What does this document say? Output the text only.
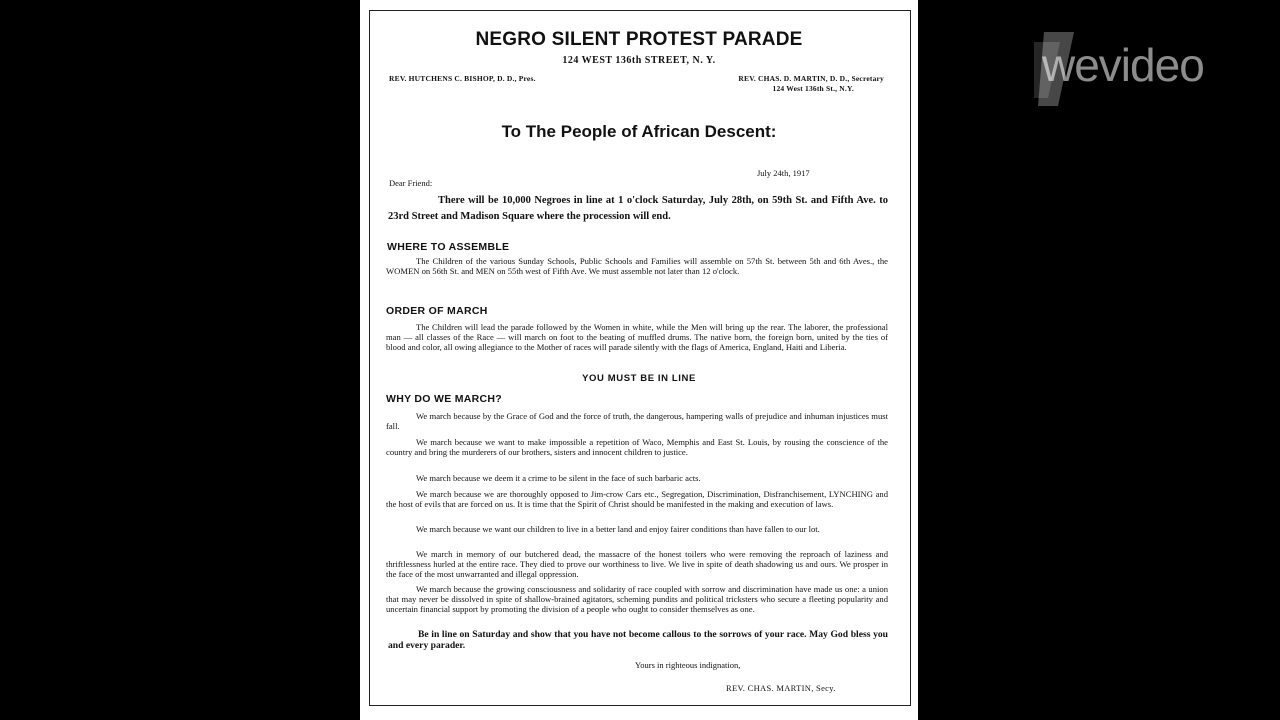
NEGRO SILENT PROTEST PARADE
124 WEST 136th STREET, N. Y.
REV. HUTCHENS C. BISHOP, D. D., Pres.	REV. CHAS. D. MARTIN, D. D., Secretary
124 West 136th St., N.Y.
To The People of African Descent:
July 24th, 1917
Dear Friend:
There will be 10,000 Negroes in line at 1 o'clock Saturday, July 28th, on 59th St. and Fifth Ave. to 23rd Street and Madison Square where the procession will end.
WHERE TO ASSEMBLE
The Children of the various Sunday Schools, Public Schools and Families will assemble on 57th St. between 5th and 6th Aves., the WOMEN on 56th St. and MEN on 55th west of Fifth Ave. We must assemble not later than 12 o'clock.
ORDER OF MARCH
The Children will lead the parade followed by the Women in white, while the Men will bring up the rear. The laborer, the professional man — all classes of the Race — will march on foot to the beating of muffled drums. The native born, the foreign born, united by the ties of blood and color, all owing allegiance to the Mother of races will parade silently with the flags of America, England, Haiti and Liberia.
YOU MUST BE IN LINE
WHY DO WE MARCH?
We march because by the Grace of God and the force of truth, the dangerous, hampering walls of prejudice and inhuman injustices must fall.
We march because we want to make impossible a repetition of Waco, Memphis and East St. Louis, by rousing the conscience of the country and bring the murderers of our brothers, sisters and innocent children to justice.
We march because we deem it a crime to be silent in the face of such barbaric acts.
We march because we are thoroughly opposed to Jim-crow Cars etc., Segregation, Discrimination, Disfranchisement, LYNCHING and the host of evils that are forced on us. It is time that the Spirit of Christ should be manifested in the making and execution of laws.
We march because we want our children to live in a better land and enjoy fairer conditions than have fallen to our lot.
We march in memory of our butchered dead, the massacre of the honest toilers who were removing the reproach of laziness and thriftlessness hurled at the entire race. They died to prove our worthiness to live. We live in spite of death shadowing us and ours. We prosper in the face of the most unwarranted and illegal oppression.
We march because the growing consciousness and solidarity of race coupled with sorrow and discrimination have made us one: a union that may never be dissolved in spite of shallow-brained agitators, scheming pundits and political tricksters who secure a fleeting popularity and uncertain financial support by promoting the division of a people who ought to consider themselves as one.
Be in line on Saturday and show that you have not become callous to the sorrows of your race. May God bless you and every parader.
Yours in righteous indignation,
REV. CHAS. MARTIN, Secy.
wevideo
